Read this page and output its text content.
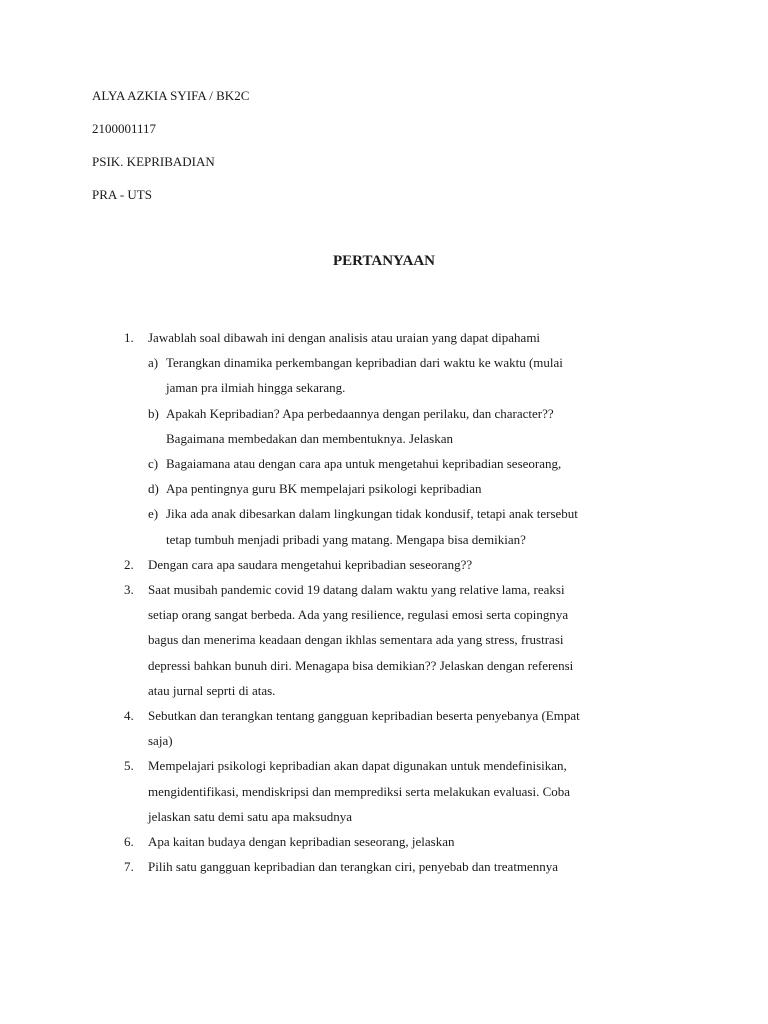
ALYA AZKIA SYIFA / BK2C
2100001117
PSIK. KEPRIBADIAN
PRA - UTS
PERTANYAAN
1.	Jawablah soal dibawah ini dengan analisis atau uraian yang dapat dipahami
a) Terangkan dinamika perkembangan kepribadian dari waktu ke waktu (mulai
jaman pra ilmiah hingga sekarang.
b) Apakah Kepribadian? Apa perbedaannya dengan perilaku, dan character??
Bagaimana membedakan dan membentuknya. Jelaskan
c) Bagaiamana atau dengan cara apa untuk mengetahui kepribadian seseorang,
d) Apa pentingnya guru BK mempelajari psikologi kepribadian
e) Jika ada anak dibesarkan dalam lingkungan tidak kondusif, tetapi anak tersebut
tetap tumbuh menjadi pribadi yang matang. Mengapa bisa demikian?
2.	Dengan cara apa saudara mengetahui kepribadian seseorang??
3.	Saat musibah pandemic covid 19 datang dalam waktu yang relative lama, reaksi
setiap orang sangat berbeda. Ada yang resilience, regulasi emosi serta copingnya
bagus dan menerima keadaan dengan ikhlas sementara ada yang stress, frustrasi
depressi bahkan bunuh diri. Menagapa bisa demikian?? Jelaskan dengan referensi
atau jurnal seprti di atas.
4.	Sebutkan dan terangkan tentang gangguan kepribadian beserta penyebanya (Empat
saja)
5.	Mempelajari psikologi kepribadian akan dapat digunakan untuk mendefinisikan,
mengidentifikasi, mendiskripsi dan memprediksi serta melakukan evaluasi. Coba
jelaskan satu demi satu apa maksudnya
6.	Apa kaitan budaya dengan kepribadian seseorang, jelaskan
7.	Pilih satu gangguan kepribadian dan terangkan ciri, penyebab dan treatmennya
